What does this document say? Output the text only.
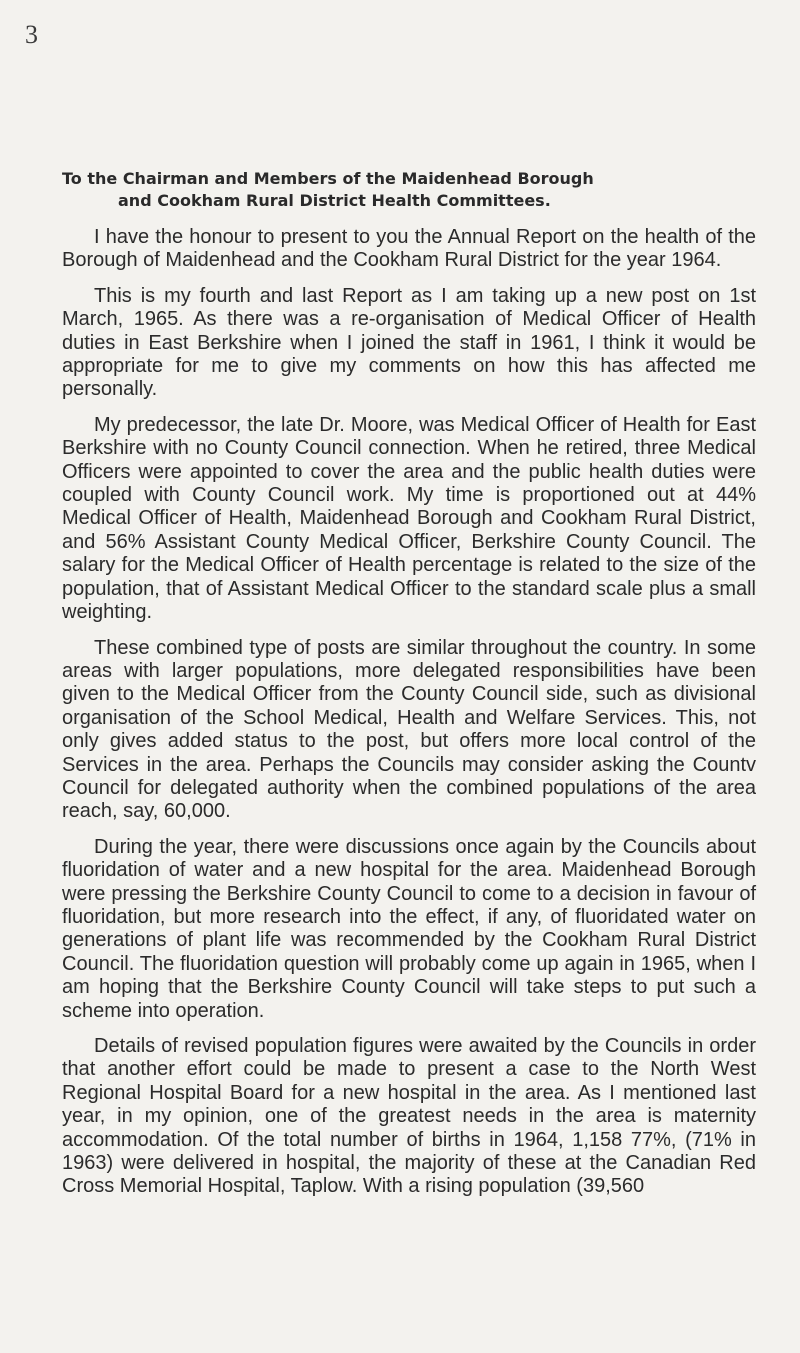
3
To the Chairman and Members of the Maidenhead Borough
and Cookham Rural District Health Committees.

I have the honour to present to you the Annual Report on the health of the Borough of Maidenhead and the Cookham Rural District for the year 1964.

This is my fourth and last Report as I am taking up a new post on 1st March, 1965. As there was a re-organisation of Medical Officer of Health duties in East Berkshire when I joined the staff in 1961, I think it would be appropriate for me to give my comments on how this has affected me personally.

My predecessor, the late Dr. Moore, was Medical Officer of Health for East Berkshire with no County Council connection. When he retired, three Medical Officers were appointed to cover the area and the public health duties were coupled with County Council work. My time is proportioned out at 44% Medical Officer of Health, Maidenhead Borough and Cookham Rural District, and 56% Assistant County Medical Officer, Berkshire County Council. The salary for the Medical Officer of Health percentage is related to the size of the population, that of Assistant Medical Officer to the standard scale plus a small weighting.

These combined type of posts are similar throughout the country. In some areas with larger populations, more delegated responsibilities have been given to the Medical Officer from the County Council side, such as divisional organisation of the School Medical, Health and Welfare Services. This, not only gives added status to the post, but offers more local control of the Services in the area. Perhaps the Councils may consider asking the Countv Council for delegated authority when the combined populations of the area reach, say, 60,000.

During the year, there were discussions once again by the Councils about fluoridation of water and a new hospital for the area. Maidenhead Borough were pressing the Berkshire County Council to come to a decision in favour of fluoridation, but more research into the effect, if any, of fluoridated water on generations of plant life was recommended by the Cookham Rural District Council. The fluoridation question will probably come up again in 1965, when I am hoping that the Berkshire County Council will take steps to put such a scheme into operation.

Details of revised population figures were awaited by the Councils in order that another effort could be made to present a case to the North West Regional Hospital Board for a new hospital in the area. As I mentioned last year, in my opinion, one of the greatest needs in the area is maternity accommodation. Of the total number of births in 1964, 1,158 77%, (71% in 1963) were delivered in hospital, the majority of these at the Canadian Red Cross Memorial Hospital, Taplow. With a rising population (39,560
